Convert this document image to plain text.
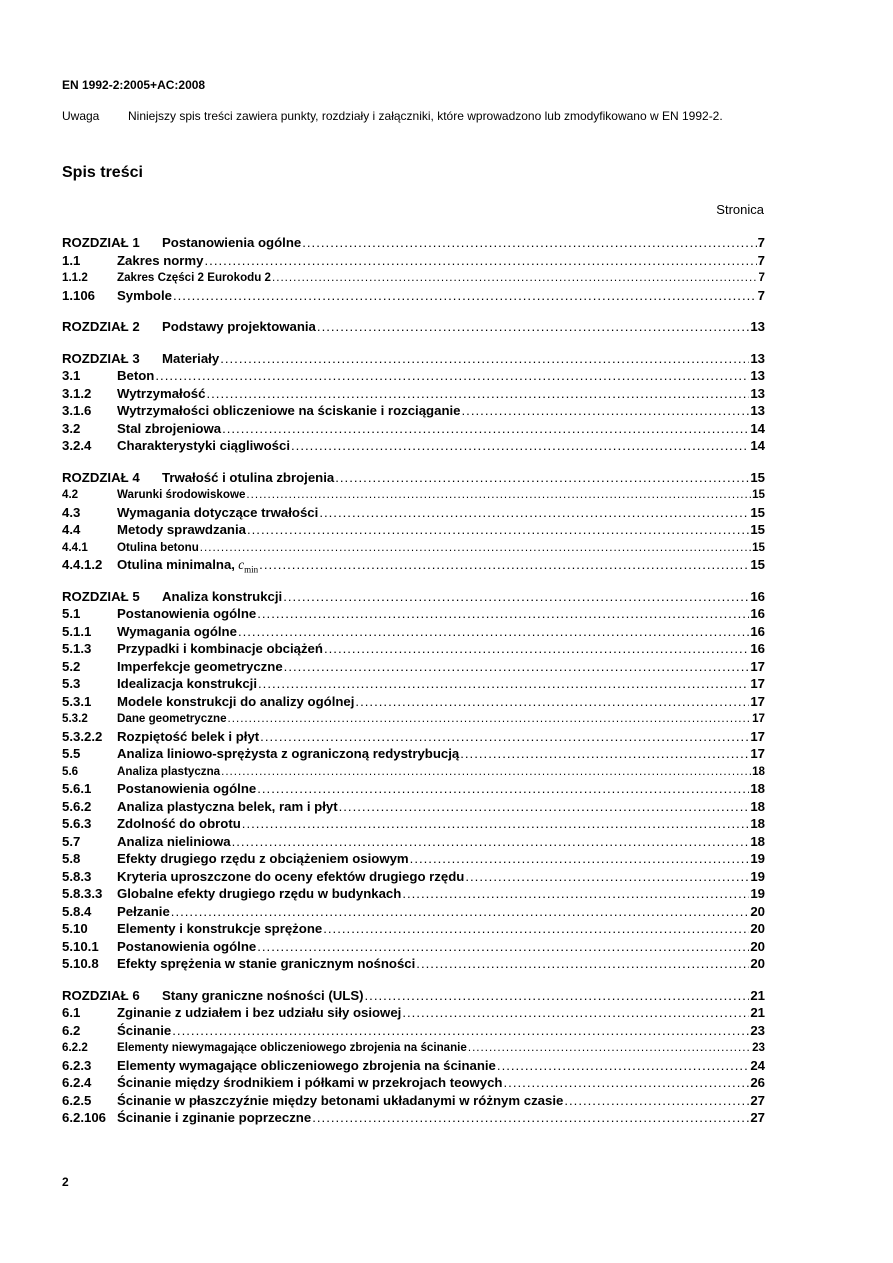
EN 1992-2:2005+AC:2008
Uwaga Niniejszy spis treści zawiera punkty, rozdziały i załączniki, które wprowadzono lub zmodyfikowano w EN 1992-2.
Spis treści
Stronica
ROZDZIAŁ 1	Postanowienia ogólne .....	7
1.1	Zakres normy .....	7
1.1.2	Zakres Części 2 Eurokodu 2 .....	7
1.106	Symbole .....	7
ROZDZIAŁ 2	Podstawy projektowania .....	13
ROZDZIAŁ 3	Materiały .....	13
3.1	Beton .....	13
3.1.2	Wytrzymałość .....	13
3.1.6	Wytrzymałości obliczeniowe na ściskanie i rozciąganie .....	13
3.2	Stal zbrojeniowa .....	14
3.2.4	Charakterystyki ciągliwości .....	14
ROZDZIAŁ 4	Trwałość i otulina zbrojenia .....	15
4.2	Warunki środowiskowe .....	15
4.3	Wymagania dotyczące trwałości .....	15
4.4	Metody sprawdzania .....	15
4.4.1	Otulina betonu .....	15
4.4.1.2	Otulina minimalna, $c_{min}$ .....	15
ROZDZIAŁ 5	Analiza konstrukcji .....	16
5.1	Postanowienia ogólne .....	16
5.1.1	Wymagania ogólne .....	16
5.1.3	Przypadki i kombinacje obciążeń .....	16
5.2	Imperfekcje geometryczne .....	17
5.3	Idealizacja konstrukcji .....	17
5.3.1	Modele konstrukcji do analizy ogólnej .....	17
5.3.2	Dane geometryczne .....	17
5.3.2.2	Rozpiętość belek i płyt .....	17
5.5	Analiza liniowo-sprężysta z ograniczoną redystrybucją .....	17
5.6	Analiza plastyczna .....	18
5.6.1	Postanowienia ogólne .....	18
5.6.2	Analiza plastyczna belek, ram i płyt .....	18
5.6.3	Zdolność do obrotu .....	18
5.7	Analiza nieliniowa .....	18
5.8	Efekty drugiego rzędu z obciążeniem osiowym .....	19
5.8.3	Kryteria uproszczone do oceny efektów drugiego rzędu .....	19
5.8.3.3	Globalne efekty drugiego rzędu w budynkach .....	19
5.8.4	Pełzanie .....	20
5.10	Elementy i konstrukcje sprężone .....	20
5.10.1	Postanowienia ogólne .....	20
5.10.8	Efekty sprężenia w stanie granicznym nośności .....	20
ROZDZIAŁ 6	Stany graniczne nośności (ULS) .....	21
6.1	Zginanie z udziałem i bez udziału siły osiowej .....	21
6.2	Ścinanie .....	23
6.2.2	Elementy niewymagające obliczeniowego zbrojenia na ścinanie .....	23
6.2.3	Elementy wymagające obliczeniowego zbrojenia na ścinanie .....	24
6.2.4	Ścinanie między środnikiem i półkami w przekrojach teowych .....	26
6.2.5	Ścinanie w płaszczyźnie między betonami układanymi w różnym czasie .....	27
6.2.106 Ścinanie i zginanie poprzeczne .....	27
2
